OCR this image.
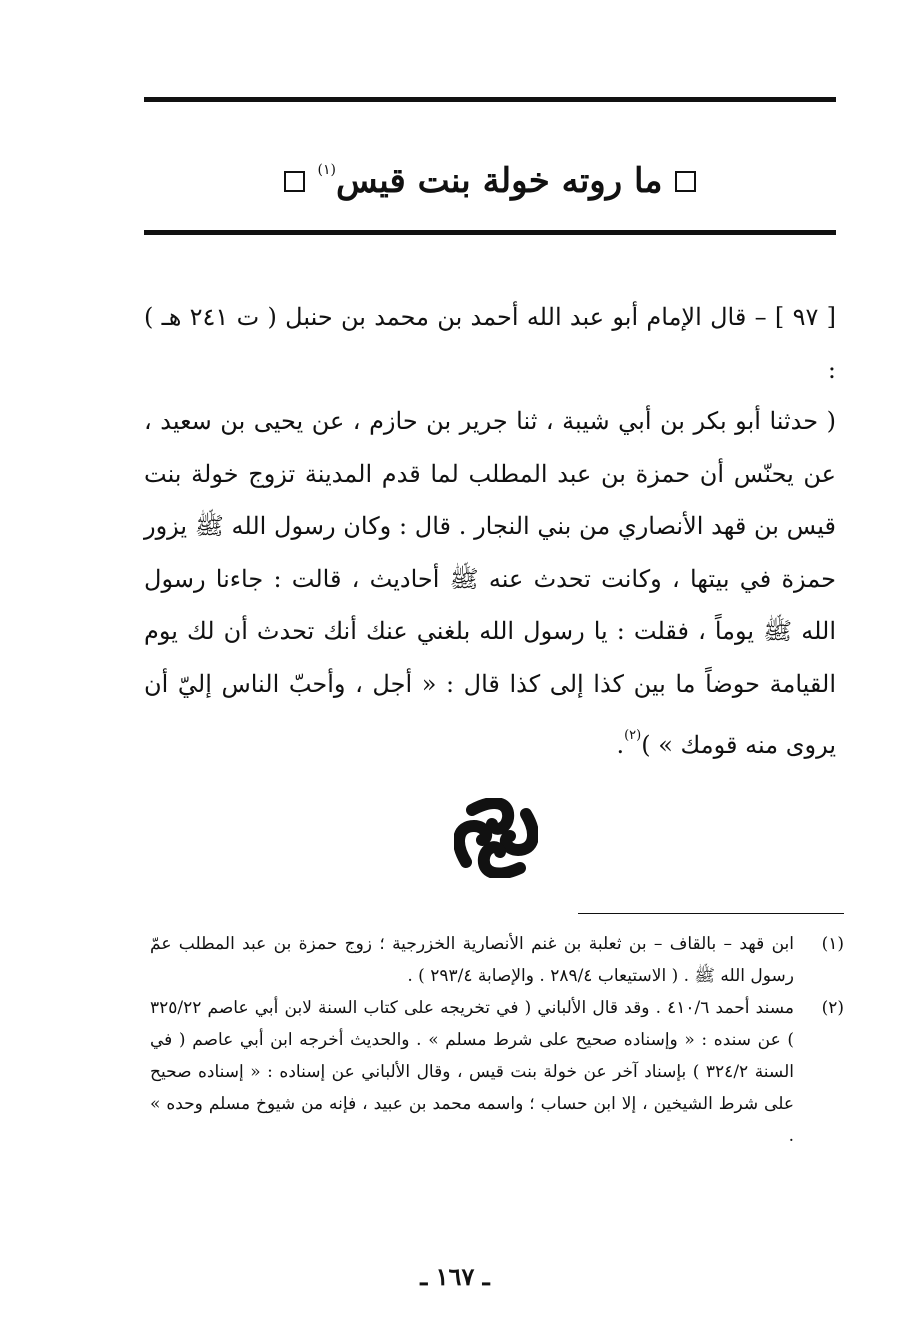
ما روته خولة بنت قيس$^{(١)}$

[ ٩٧ ] – قال الإمام أبو عبد الله أحمد بن محمد بن حنبل ( ت ٢٤١ هـ ) :

( حدثنا أبو بكر بن أبي شيبة ، ثنا جرير بن حازم ، عن يحيى بن سعيد ، عن يحنّس أن حمزة بن عبد المطلب لما قدم المدينة تزوج خولة بنت قيس بن قهد الأنصاري من بني النجار . قال : وكان رسول الله ﷺ يزور حمزة في بيتها ، وكانت تحدث عنه ﷺ أحاديث ، قالت : جاءنا رسول الله ﷺ يوماً ، فقلت : يا رسول الله بلغني عنك أنك تحدث أن لك يوم القيامة حوضاً ما بين كذا إلى كذا قال : « أجل ، وأحبّ الناس إليّ أن يروى منه قومك » )$^{(٢)}$.

(١)
ابن قهد – بالقاف – بن ثعلبة بن غنم الأنصارية الخزرجية ؛ زوج حمزة بن عبد المطلب عمّ رسول الله ﷺ . ( الاستيعاب ٢٨٩/٤ . والإصابة ٢٩٣/٤ ) .
(٢)
مسند أحمد ٤١٠/٦ . وقد قال الألباني ( في تخريجه على كتاب السنة لابن أبي عاصم ٣٢٥/٢٢ ) عن سنده : « وإسناده صحيح على شرط مسلم » . والحديث أخرجه ابن أبي عاصم ( في السنة ٣٢٤/٢ ) بإسناد آخر عن خولة بنت قيس ، وقال الألباني عن إسناده : « إسناده صحيح على شرط الشيخين ، إلا ابن حساب ؛ واسمه محمد بن عبيد ، فإنه من شيوخ مسلم وحده » .
ـ ١٦٧ ـ
